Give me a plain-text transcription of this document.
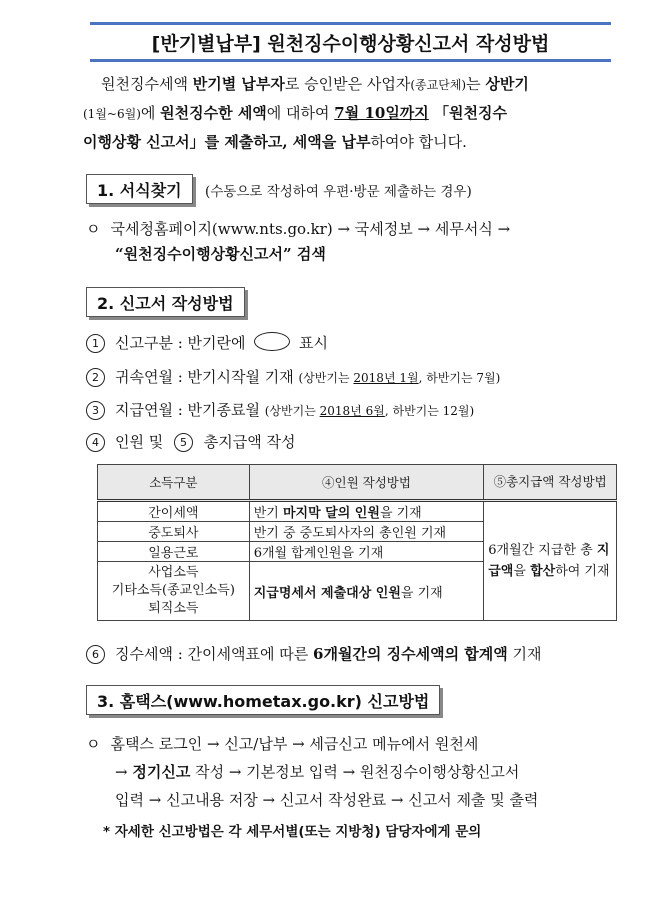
[반기별납부] 원천징수이행상황신고서 작성방법
원천징수세액 반기별 납부자로 승인받은 사업자(종교단체)는 상반기
(1월~6월)에 원천징수한 세액에 대하여 7월 10일까지 「원천징수
이행상황 신고서」를 제출하고, 세액을 납부하여야 합니다.
1. 서식찾기	(수동으로 작성하여 우편·방문 제출하는 경우)
ㅇ 국세청홈페이지(www.nts.go.kr) → 국세정보 → 세무서식 →
“원천징수이행상황신고서” 검색
2. 신고서 작성방법
1 신고구분 : 반기란에	표시
2 귀속연월 : 반기시작월 기재 (상반기는 2018년 1월, 하반기는 7월)
3 지급연월 : 반기종료월 (상반기는 2018년 6월, 하반기는 12월)
4 인원 및 5 총지급액 작성
소득구분	④인원 작성방법	⑤총지급액 작성방법
간이세액	반기 마지막 달의 인원을 기재	6개월간 지급한 총 지급액을 합산하여 기재
중도퇴사	반기 중 중도퇴사자의 총인원 기재	
일용근로	6개월 합계인원을 기재	
사업소득
기타소득(종교인소득)
퇴직소득	지급명세서 제출대상 인원을 기재	
6 징수세액 : 간이세액표에 따른 6개월간의 징수세액의 합계액 기재
3. 홈택스(www.hometax.go.kr) 신고방법
ㅇ 홈택스 로그인 → 신고/납부 → 세금신고 메뉴에서 원천세
→ 정기신고 작성 → 기본정보 입력 → 원천징수이행상황신고서
입력 → 신고내용 저장 → 신고서 작성완료 → 신고서 제출 및 출력
* 자세한 신고방법은 각 세무서별(또는 지방청) 담당자에게 문의
